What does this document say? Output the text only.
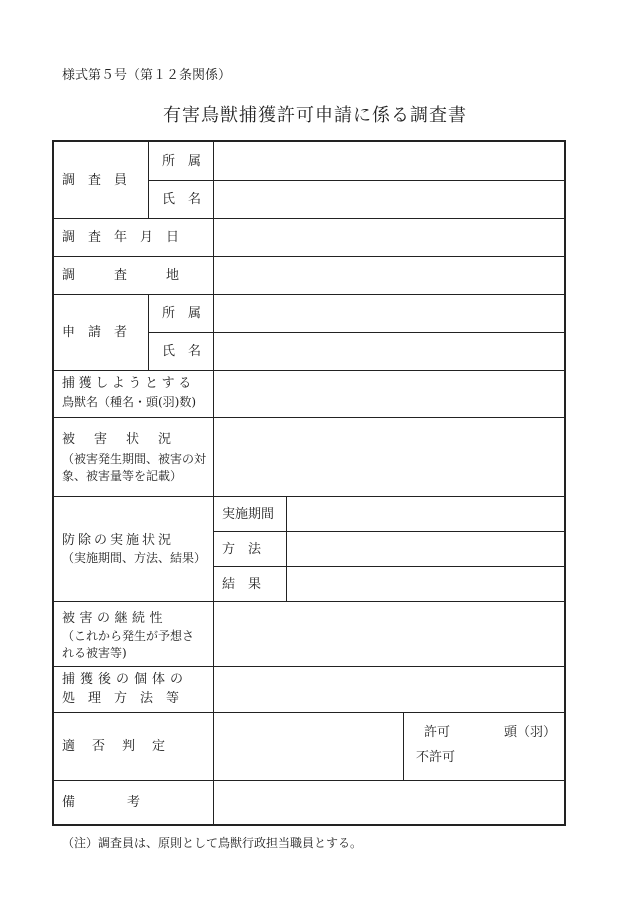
様式第５号（第１２条関係）
有害鳥獣捕獲許可申請に係る調査書
調　査　員
所　属
氏　名
調　査　年　月　日
調　　　査　　　地
申　請　者
所　属
氏　名
捕獲しようとする
鳥獣名（種名・頭(羽)数)
被　害　状　況
（被害発生期間、被害の対
象、被害量等を記載）
防除の実施状況
（実施期間、方法、結果）
実施期間
方　法
結　果
被害の継続性
（これから発生が予想さ
れる被害等)
捕獲後の個体の
処　理　方　法　等
適　否　判　定
許可	頭（羽）
不許可
備　　　　考
（注）調査員は、原則として鳥獣行政担当職員とする。
